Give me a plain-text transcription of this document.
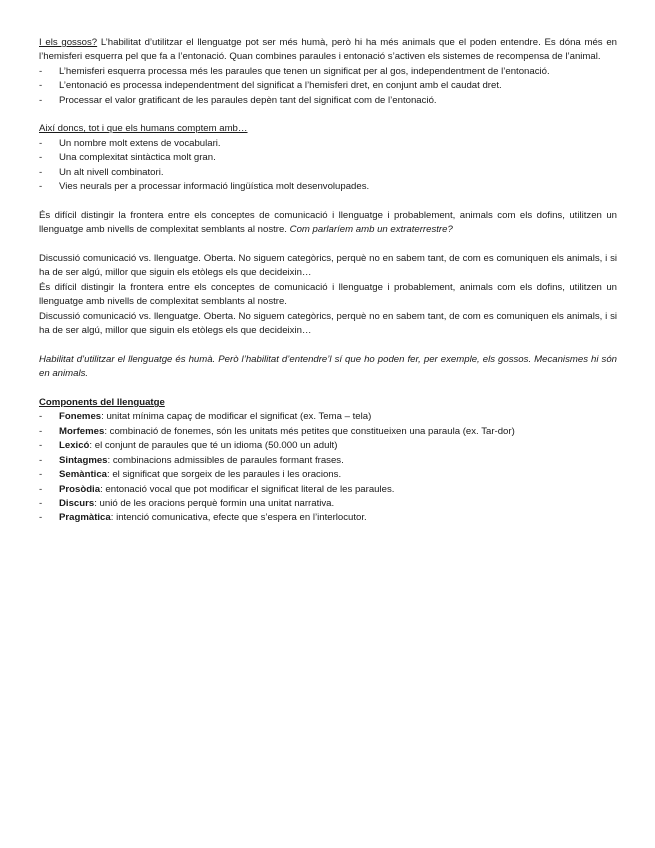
I els gossos? L’habilitat d’utilitzar el llenguatge pot ser més humà, però hi ha més animals que el poden entendre. Es dóna més en l’hemisferi esquerra pel que fa a l’entonació. Quan combines paraules i entonació s’activen els sistemes de recompensa de l’animal.

- L’hemisferi esquerra processa més les paraules que tenen un significat per al gos, independentment de l’entonació.
- L’entonació es processa independentment del significat a l’hemisferi dret, en conjunt amb el caudat dret.
- Processar el valor gratificant de les paraules depèn tant del significat com de l’entonació.

Així doncs, tot i que els humans comptem amb…

- Un nombre molt extens de vocabulari.
- Una complexitat sintàctica molt gran.
- Un alt nivell combinatori.
- Vies neurals per a processar informació lingüística molt desenvolupades.

És difícil distingir la frontera entre els conceptes de comunicació i llenguatge i probablement, animals com els dofins, utilitzen un llenguatge amb nivells de complexitat semblants al nostre. Com parlaríem amb un extraterrestre?

Discussió comunicació vs. llenguatge. Oberta. No siguem categòrics, perquè no en sabem tant, de com es comuniquen els animals, i si ha de ser algú, millor que siguin els etòlegs els que decideixin…

És difícil distingir la frontera entre els conceptes de comunicació i llenguatge i probablement, animals com els dofins, utilitzen un llenguatge amb nivells de complexitat semblants al nostre.

Discussió comunicació vs. llenguatge. Oberta. No siguem categòrics, perquè no en sabem tant, de com es comuniquen els animals, i si ha de ser algú, millor que siguin els etòlegs els que decideixin…

Habilitat d’utilitzar el llenguatge és humà. Però l’habilitat d’entendre’l sí que ho poden fer, per exemple, els gossos. Mecanismes hi són en animals.

Components del llenguatge

- Fonemes: unitat mínima capaç de modificar el significat (ex. Tema – tela)
- Morfemes: combinació de fonemes, són les unitats més petites que constitueixen una paraula (ex. Tar-dor)
- Lexicó: el conjunt de paraules que té un idioma (50.000 un adult)
- Sintagmes: combinacions admissibles de paraules formant frases.
- Semàntica: el significat que sorgeix de les paraules i les oracions.
- Prosòdia: entonació vocal que pot modificar el significat literal de les paraules.
- Discurs: unió de les oracions perquè formin una unitat narrativa.
- Pragmàtica: intenció comunicativa, efecte que s’espera en l’interlocutor.
